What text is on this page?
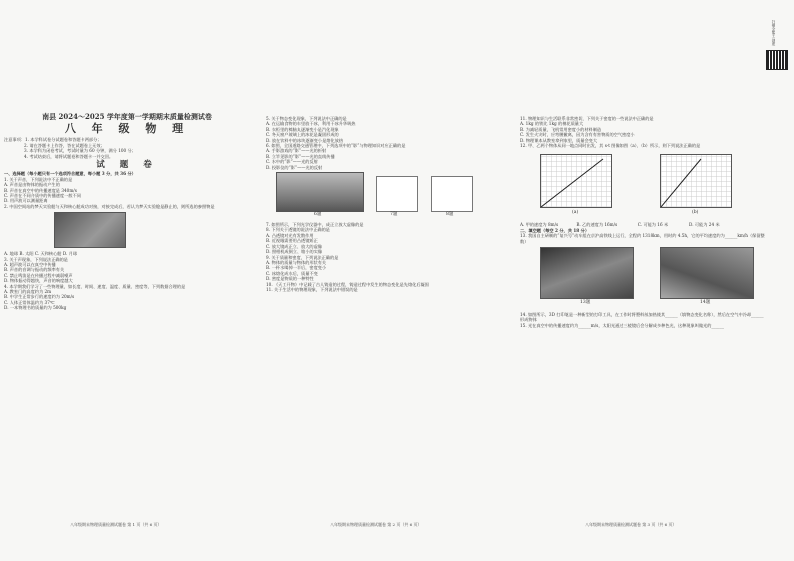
南县 2024～2025 学年度第一学期期末质量检测试卷

八 年 级 物 理

注意事项：1. 本学科试卷分试题卷和答题卡两部分；

2. 请在答题卡上作答，答在试题卷上无效；

3. 本学科为闭卷考试，考试时量为 60 分钟，满分 100 分；

4. 考试结束后，请将试题卷和答题卡一并交回。

试 题 卷

一、选择题（每小题只有一个选项符合题意，每小题 3 分，共 36 分）

1. 关于声音，下列说法中不正确的是

A. 声音是由物体的振动产生的

B. 声音在真空中的传播速度是 340m/s

C. 声音在不同介质中的传播速度一般不同

D. 用声波可以测量距离

2. 中国空间站的梦天实验舱与天和核心舱成功对接，对接完成后，若认为梦天实验舱是静止的，则所选的参照物是

A. 地球 B. 太阳 C. 天和核心舱 D. 月球

3. 关于声现象，下列说法正确的是

A. 超声波可以在真空中传播

B. 声音的音调与振动的频率有关

C. 禁止鸣笛是在传播过程中减弱噪声

D. 物体振动得越快，声音的响度越大

4. 本学期我们学习了一些物理量，如长度、时间、速度、温度、质量、密度等，下列数据合理的是

A. 教室门的高度约为 2m

B. 中学生正常步行的速度约为 20m/s

C. 人体正常体温约为 37℃

D. 一本物理书的质量约为 500kg

5. 关于物态变化现象，下列说法中正确的是

A. 在运输食物的车里放干冰，利用干冰升华吸热

B. 衣柜里的樟脑丸逐渐变小是汽化现象

C. 冬天窗户玻璃上的冰花是凝固形成的

D. 放在饮料中的冰块逐渐变小是熔化放热

6. 如图，全国道路交通管理中，下列选项中的“影”与物理知识对应正确的是

A. 手影游戏的“影”——光的折射

B. 立竿见影的“影”——光的直线传播

C. 水中的“影”——光的反射

D. 投影仪的“影”——光的反射

6题	7题	8题

7. 如图所示，下列光学仪器中，成正立放大虚像的是

8. 下列关于透镜的说法中正确的是

A. 凸透镜对光有发散作用

B. 近视眼需要用凸透镜矫正

C. 放大镜成正立、放大的虚像

D. 照相机成倒立、缩小的实像

9. 关于质量和密度，下列说法正确的是

A. 物体的质量与物体的形状有关

B. 一杯水喝掉一半后，密度变小

C. 冰熔化成水后，质量不变

D. 密度是物质的一种特性

10. 《天工开物》中记载了古人铸造的过程，铸造过程中发生的物态变化是先熔化后凝固

11. 关于生活中的物理现象，下列说法中错误的是

11. 物理知识与生活联系非常密切，下列关于密度的一些说法中正确的是

A. 1kg 的铁比 1kg 的棉花质量大

B. 为减轻质量，飞机常用密度小的材料制造

C. 发生火灾时，应弯腰撤离，因为含有有害物质的空气密度小

D. 物理课本从教室拿到家里，质量会变大

12. 甲、乙两个物体从同一地点同时出发，其 s-t 图像如图（a）、（b）所示，则下列说法正确的是

(a)	(b)

A. 甲的速度为 8m/s

	B. 乙的速度为 16m/s

	C. 可能为 16 米

	D. 可能为 24 米

二、填空题（每空 2 分，共 18 分）

13. 我国自主研制的“复兴号”动车组在京沪高铁线上运行，全程约 1318km，用时约 4.5h，它的平均速度约为______km/h（保留整数）

13题	14题

14. 如图所示，3D 打印笔是一种新型的打印工具，在工作时将塑料丝加热使其______（填物态变化名称），然后在空气中冷却______形成物体

15. 光在真空中的传播速度约为______m/s，太阳光通过三棱镜后会分解成多种色光，这种现象叫做光的______

八年级期末物理质量检测试题卷 第 1 页（共 6 页）	八年级期末物理质量检测试题卷 第 2 页（共 6 页）	八年级期末物理质量检测试题卷 第 3 页（共 6 页）
扫描全能王 创建
